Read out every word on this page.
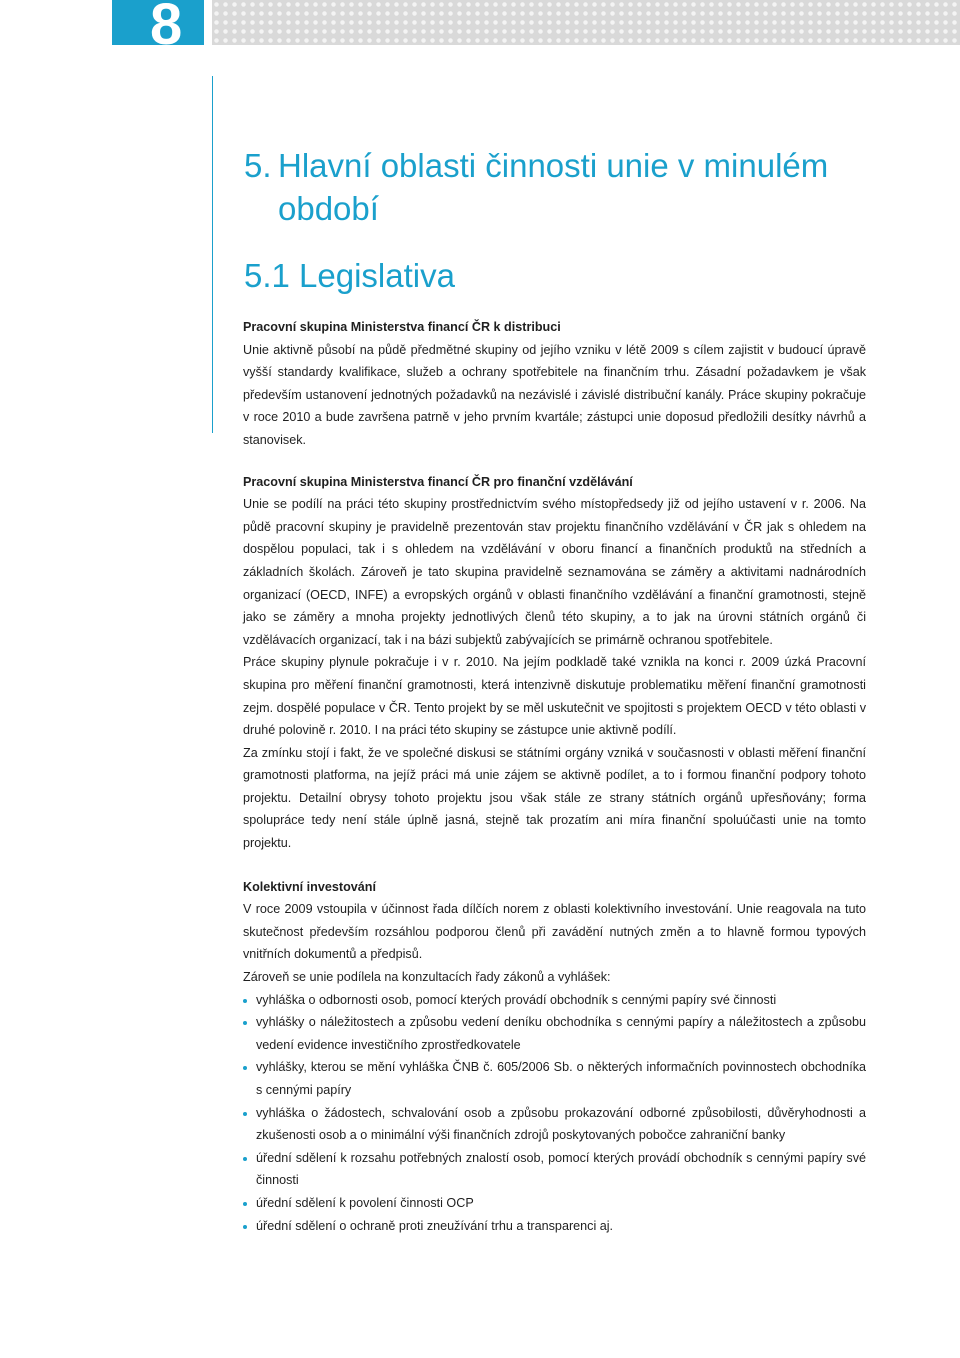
8
5. Hlavní oblasti činnosti unie v minulém období
5.1 Legislativa

Pracovní skupina Ministerstva financí ČR k distribuci

Unie aktivně působí na půdě předmětné skupiny od jejího vzniku v létě 2009 s cílem zajistit v budoucí úpravě vyšší standardy kvalifikace, služeb a ochrany spotřebitele na finančním trhu. Zásadní požadavkem je však především ustanovení jednotných požadavků na nezávislé i závislé distribuční kanály. Práce skupiny pokračuje v roce 2010 a bude završena patrně v jeho prvním kvartále; zástupci unie doposud předložili desítky návrhů a stanovisek.

Pracovní skupina Ministerstva financí ČR pro finanční vzdělávání

Unie se podílí na práci této skupiny prostřednictvím svého místopředsedy již od jejího ustavení v r. 2006. Na půdě pracovní skupiny je pravidelně prezentován stav projektu finančního vzdělávání v ČR jak s ohledem na dospělou populaci, tak i s ohledem na vzdělávání v oboru financí a finančních produktů na středních a základních školách. Zároveň je tato skupina pravidelně seznamována se záměry a aktivitami nadnárodních organizací (OECD, INFE) a evropských orgánů v oblasti finančního vzdělávání a finanční gramotnosti, stejně jako se záměry a mnoha projekty jednotlivých členů této skupiny, a to jak na úrovni státních orgánů či vzdělávacích organizací, tak i na bázi subjektů zabývajících se primárně ochranou spotřebitele.

Práce skupiny plynule pokračuje i v r. 2010. Na jejím podkladě také vznikla na konci r. 2009 úzká Pracovní skupina pro měření finanční gramotnosti, která intenzivně diskutuje problematiku měření finanční gramotnosti zejm. dospělé populace v ČR. Tento projekt by se měl uskutečnit ve spojitosti s projektem OECD v této oblasti v druhé polovině r. 2010. I na práci této skupiny se zástupce unie aktivně podílí.

Za zmínku stojí i fakt, že ve společné diskusi se státními orgány vzniká v současnosti v oblasti měření finanční gramotnosti platforma, na jejíž práci má unie zájem se aktivně podílet, a to i formou finanční podpory tohoto projektu. Detailní obrysy tohoto projektu jsou však stále ze strany státních orgánů upřesňovány; forma spolupráce tedy není stále úplně jasná, stejně tak prozatím ani míra finanční spoluúčasti unie na tomto projektu.

Kolektivní investování

V roce 2009 vstoupila v účinnost řada dílčích norem z oblasti kolektivního investování. Unie reagovala na tuto skutečnost především rozsáhlou podporou členů při zavádění nutných změn a to hlavně formou typových vnitřních dokumentů a předpisů.

Zároveň se unie podílela na konzultacích řady zákonů a vyhlášek:

vyhláška o odbornosti osob, pomocí kterých provádí obchodník s cennými papíry své činnosti
vyhlášky o náležitostech a způsobu vedení deníku obchodníka s cennými papíry a náležitostech a způsobu vedení evidence investičního zprostředkovatele
vyhlášky, kterou se mění vyhláška ČNB č. 605/2006 Sb. o některých informačních povinnostech obchodníka s cennými papíry
vyhláška o žádostech, schvalování osob a způsobu prokazování odborné způsobilosti, důvěryhodnosti a zkušenosti osob a o minimální výši finančních zdrojů poskytovaných pobočce zahraniční banky
úřední sdělení k rozsahu potřebných znalostí osob, pomocí kterých provádí obchodník s cennými papíry své činnosti
úřední sdělení k povolení činnosti OCP
úřední sdělení o ochraně proti zneužívání trhu a transparenci aj.
